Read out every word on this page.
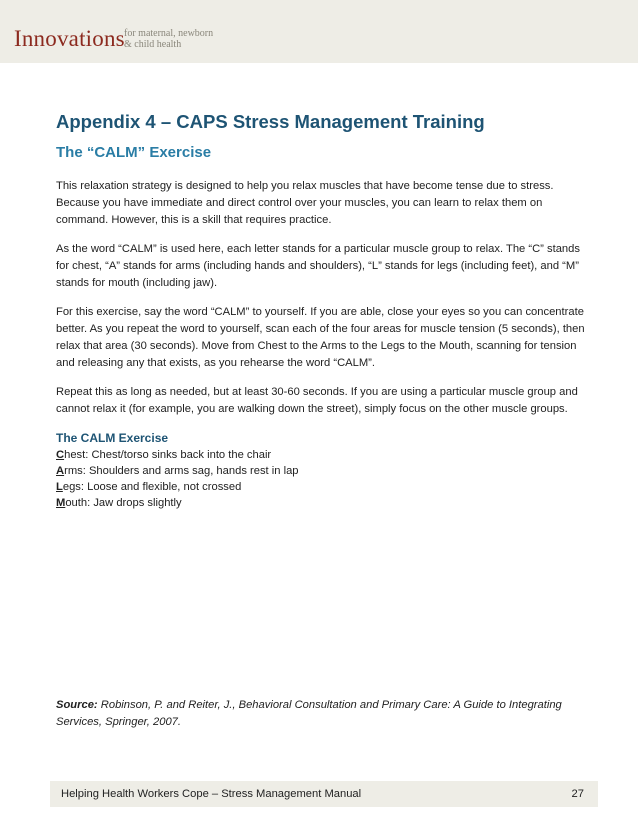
Innovations for maternal, newborn
& child health
Appendix 4 – CAPS Stress Management Training
The “CALM” Exercise

This relaxation strategy is designed to help you relax muscles that have become tense due to stress. Because you have immediate and direct control over your muscles, you can learn to relax them on command. However, this is a skill that requires practice.

As the word “CALM” is used here, each letter stands for a particular muscle group to relax. The “C” stands for chest, “A” stands for arms (including hands and shoulders), “L” stands for legs (including feet), and “M” stands for mouth (including jaw).

For this exercise, say the word “CALM” to yourself. If you are able, close your eyes so you can concentrate better. As you repeat the word to yourself, scan each of the four areas for muscle tension (5 seconds), then relax that area (30 seconds). Move from Chest to the Arms to the Legs to the Mouth, scanning for tension and releasing any that exists, as you rehearse the word “CALM”.

Repeat this as long as needed, but at least 30-60 seconds. If you are using a particular muscle group and cannot relax it (for example, you are walking down the street), simply focus on the other muscle groups.

The CALM Exercise
Chest: Chest/torso sinks back into the chair
Arms: Shoulders and arms sag, hands rest in lap
Legs: Loose and flexible, not crossed
Mouth: Jaw drops slightly
Source: Robinson, P. and Reiter, J., Behavioral Consultation and Primary Care: A Guide to Integrating Services, Springer, 2007.
Helping Health Workers Cope – Stress Management Manual	27
